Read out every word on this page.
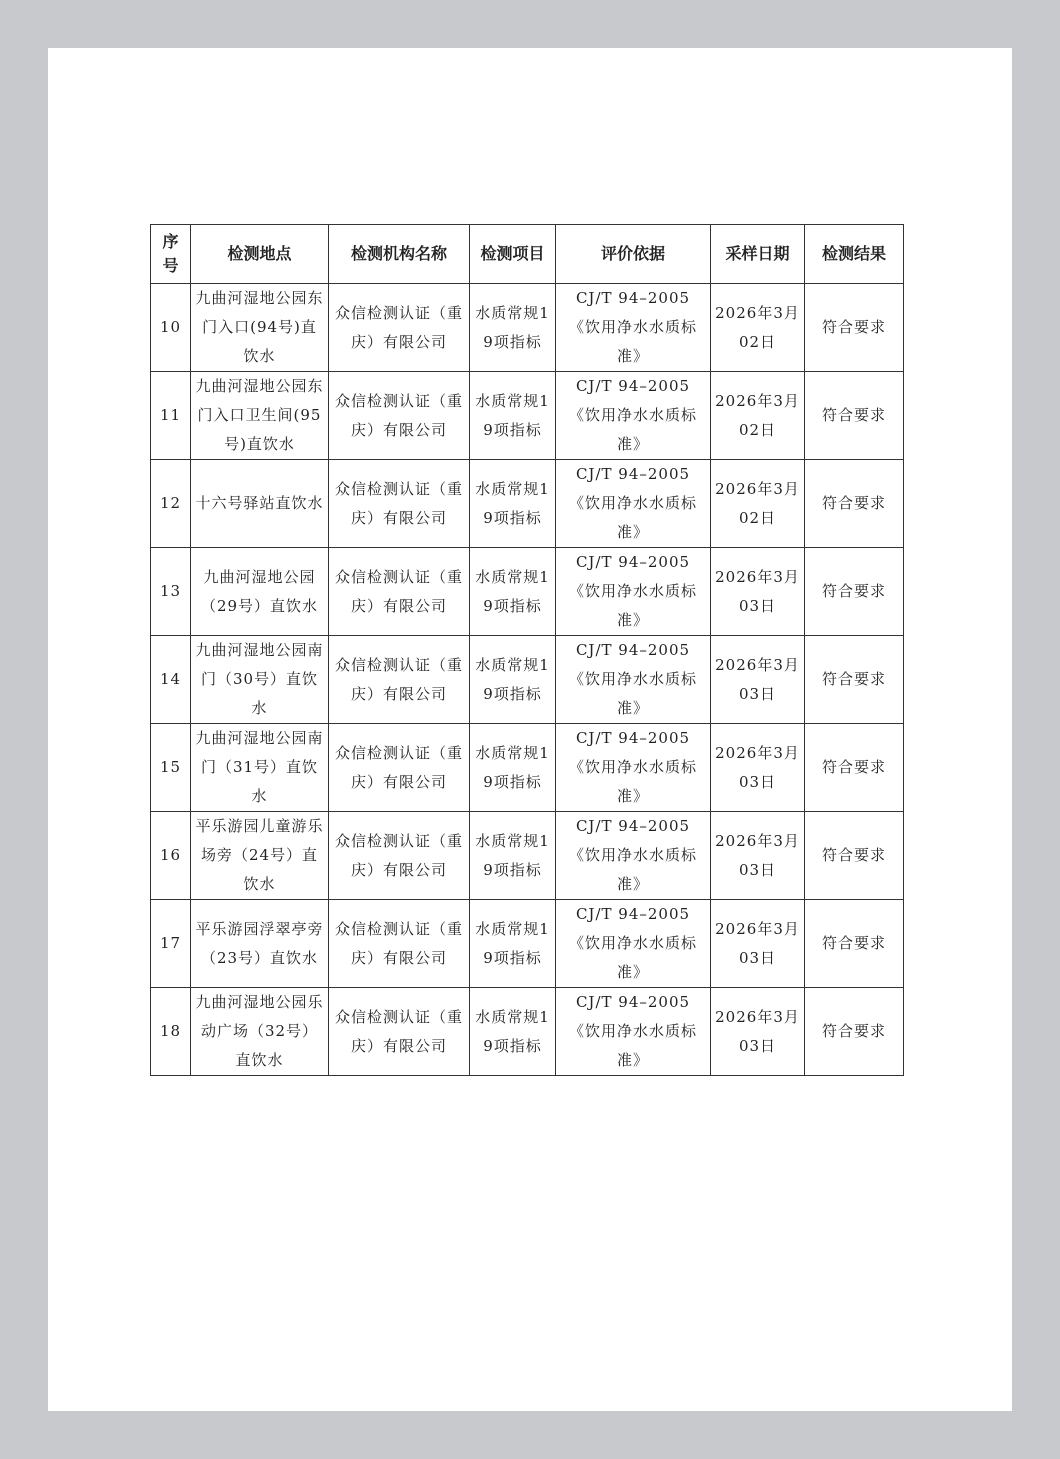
序号	检测地点	检测机构名称	检测项目	评价依据	采样日期	检测结果
10	九曲河湿地公园东门入口(94号)直饮水	众信检测认证（重庆）有限公司	水质常规19项指标	CJ/T 94–2005 《饮用净水水质标准》	2026年3月02日	符合要求
11	九曲河湿地公园东门入口卫生间(95号)直饮水	众信检测认证（重庆）有限公司	水质常规19项指标	CJ/T 94–2005 《饮用净水水质标准》	2026年3月02日	符合要求
12	十六号驿站直饮水	众信检测认证（重庆）有限公司	水质常规19项指标	CJ/T 94–2005 《饮用净水水质标准》	2026年3月02日	符合要求
13	九曲河湿地公园（29号）直饮水	众信检测认证（重庆）有限公司	水质常规19项指标	CJ/T 94–2005 《饮用净水水质标准》	2026年3月03日	符合要求
14	九曲河湿地公园南门（30号）直饮水	众信检测认证（重庆）有限公司	水质常规19项指标	CJ/T 94–2005 《饮用净水水质标准》	2026年3月03日	符合要求
15	九曲河湿地公园南门（31号）直饮水	众信检测认证（重庆）有限公司	水质常规19项指标	CJ/T 94–2005 《饮用净水水质标准》	2026年3月03日	符合要求
16	平乐游园儿童游乐场旁（24号）直饮水	众信检测认证（重庆）有限公司	水质常规19项指标	CJ/T 94–2005 《饮用净水水质标准》	2026年3月03日	符合要求
17	平乐游园浮翠亭旁（23号）直饮水	众信检测认证（重庆）有限公司	水质常规19项指标	CJ/T 94–2005 《饮用净水水质标准》	2026年3月03日	符合要求
18	九曲河湿地公园乐动广场（32号）直饮水	众信检测认证（重庆）有限公司	水质常规19项指标	CJ/T 94–2005 《饮用净水水质标准》	2026年3月03日	符合要求
